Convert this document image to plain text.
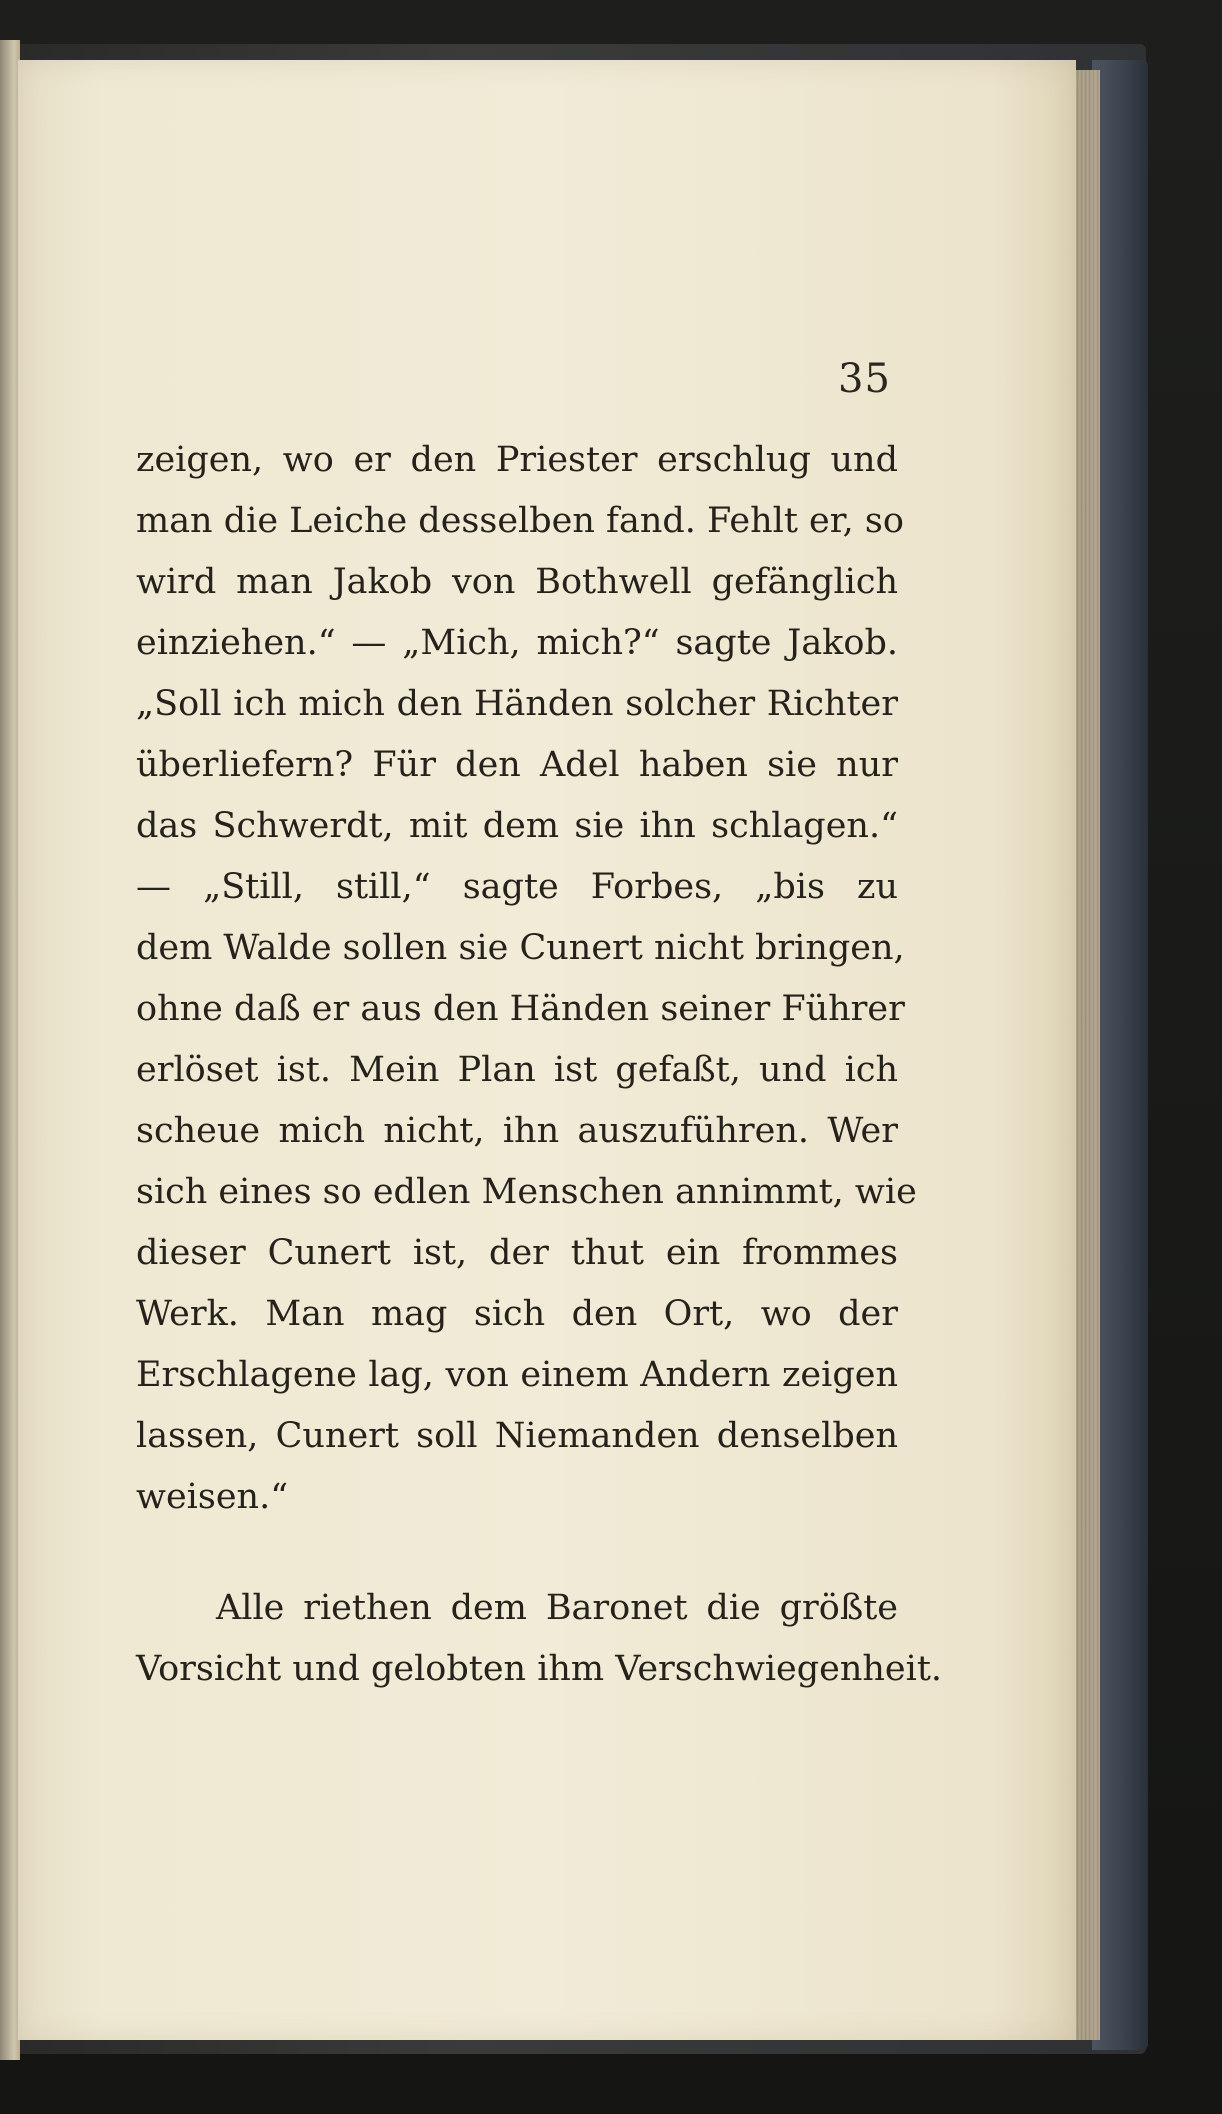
35
zeigen, wo er den Priester erschlug und
man die Leiche desselben fand. Fehlt er, so
wird man Jakob von Bothwell gefänglich
einziehen.“ — „Mich, mich?“ sagte Jakob.
„Soll ich mich den Händen solcher Richter
überliefern? Für den Adel haben sie nur
das Schwerdt, mit dem sie ihn schlagen.“
— „Still, still,“ sagte Forbes, „bis zu
dem Walde sollen sie Cunert nicht bringen,
ohne daß er aus den Händen seiner Führer
erlöset ist. Mein Plan ist gefaßt, und ich
scheue mich nicht, ihn auszuführen. Wer
sich eines so edlen Menschen annimmt, wie
dieser Cunert ist, der thut ein frommes
Werk. Man mag sich den Ort, wo der
Erschlagene lag, von einem Andern zeigen
lassen, Cunert soll Niemanden denselben
weisen.“
Alle riethen dem Baronet die größte
Vorsicht und gelobten ihm Verschwiegenheit.
